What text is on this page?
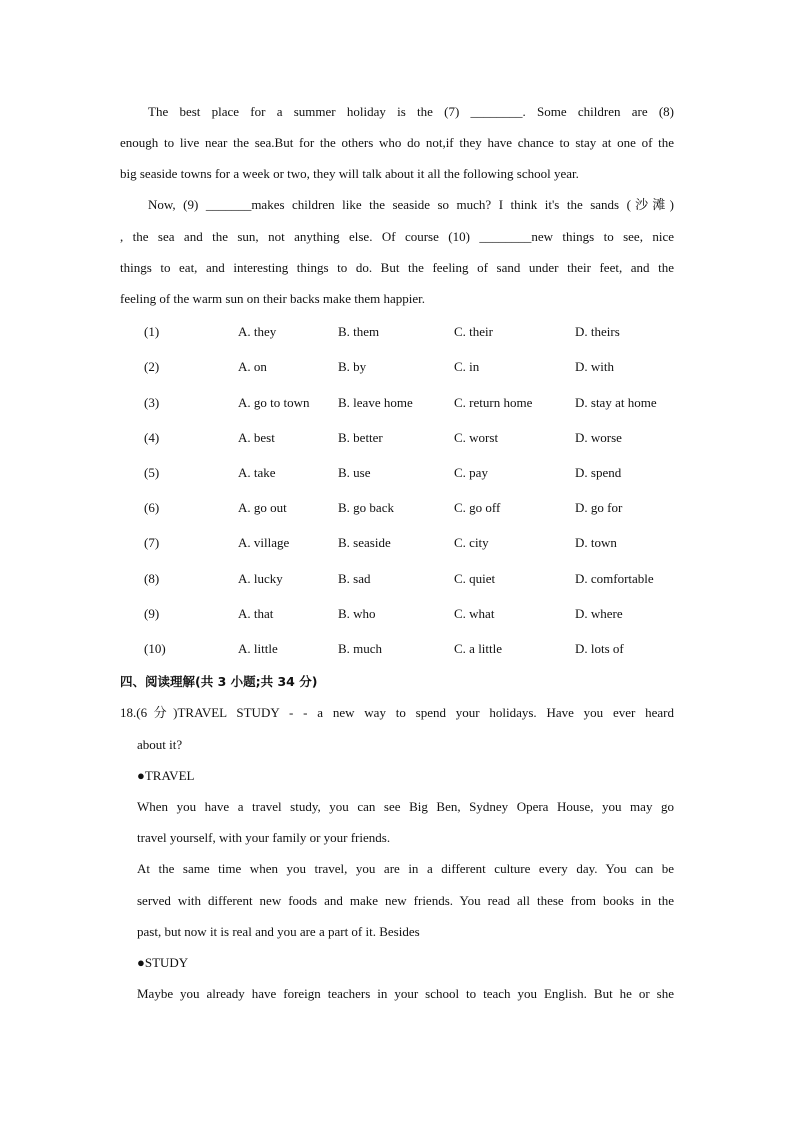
The best place for a summer holiday is the (7) ________. Some children are (8)
enough to live near the sea.But for the others who do not,if they have chance to stay at one of the
big seaside towns for a week or two, they will talk about it all the following school year.
Now, (9) _______makes children like the seaside so much? I think it's the sands (沙滩)
, the sea and the sun, not anything else. Of course (10) ________new things to see, nice
things to eat, and interesting things to do. But the feeling of sand under their feet, and the
feeling of the warm sun on their backs make them happier.
(1)	A. they	B. them	C. their	D. theirs
(2)	A. on	B. by	C. in	D. with
(3)	A. go to town B. leave home	C. return home	D. stay at home
(4)	A. best	B. better	C. worst	D. worse
(5)	A. take	B. use	C. pay	D. spend
(6)	A. go out	B. go back	C. go off	D. go for
(7)	A. village	B. seaside	C. city	D. town
(8)	A. lucky	B. sad	C. quiet	D. comfortable
(9)	A. that	B. who	C. what	D. where
(10)	A. little	B. much	C. a little	D. lots of
四、阅读理解(共 3 小题;共 34 分)
18.(6分)TRAVEL STUDY - - a new way to spend your holidays. Have you ever heard
about it?
●TRAVEL
When you have a travel study, you can see Big Ben, Sydney Opera House, you may go
travel yourself, with your family or your friends.
At the same time when you travel, you are in a different culture every day. You can be
served with different new foods and make new friends. You read all these from books in the
past, but now it is real and you are a part of it. Besides
●STUDY
Maybe you already have foreign teachers in your school to teach you English. But he or she
